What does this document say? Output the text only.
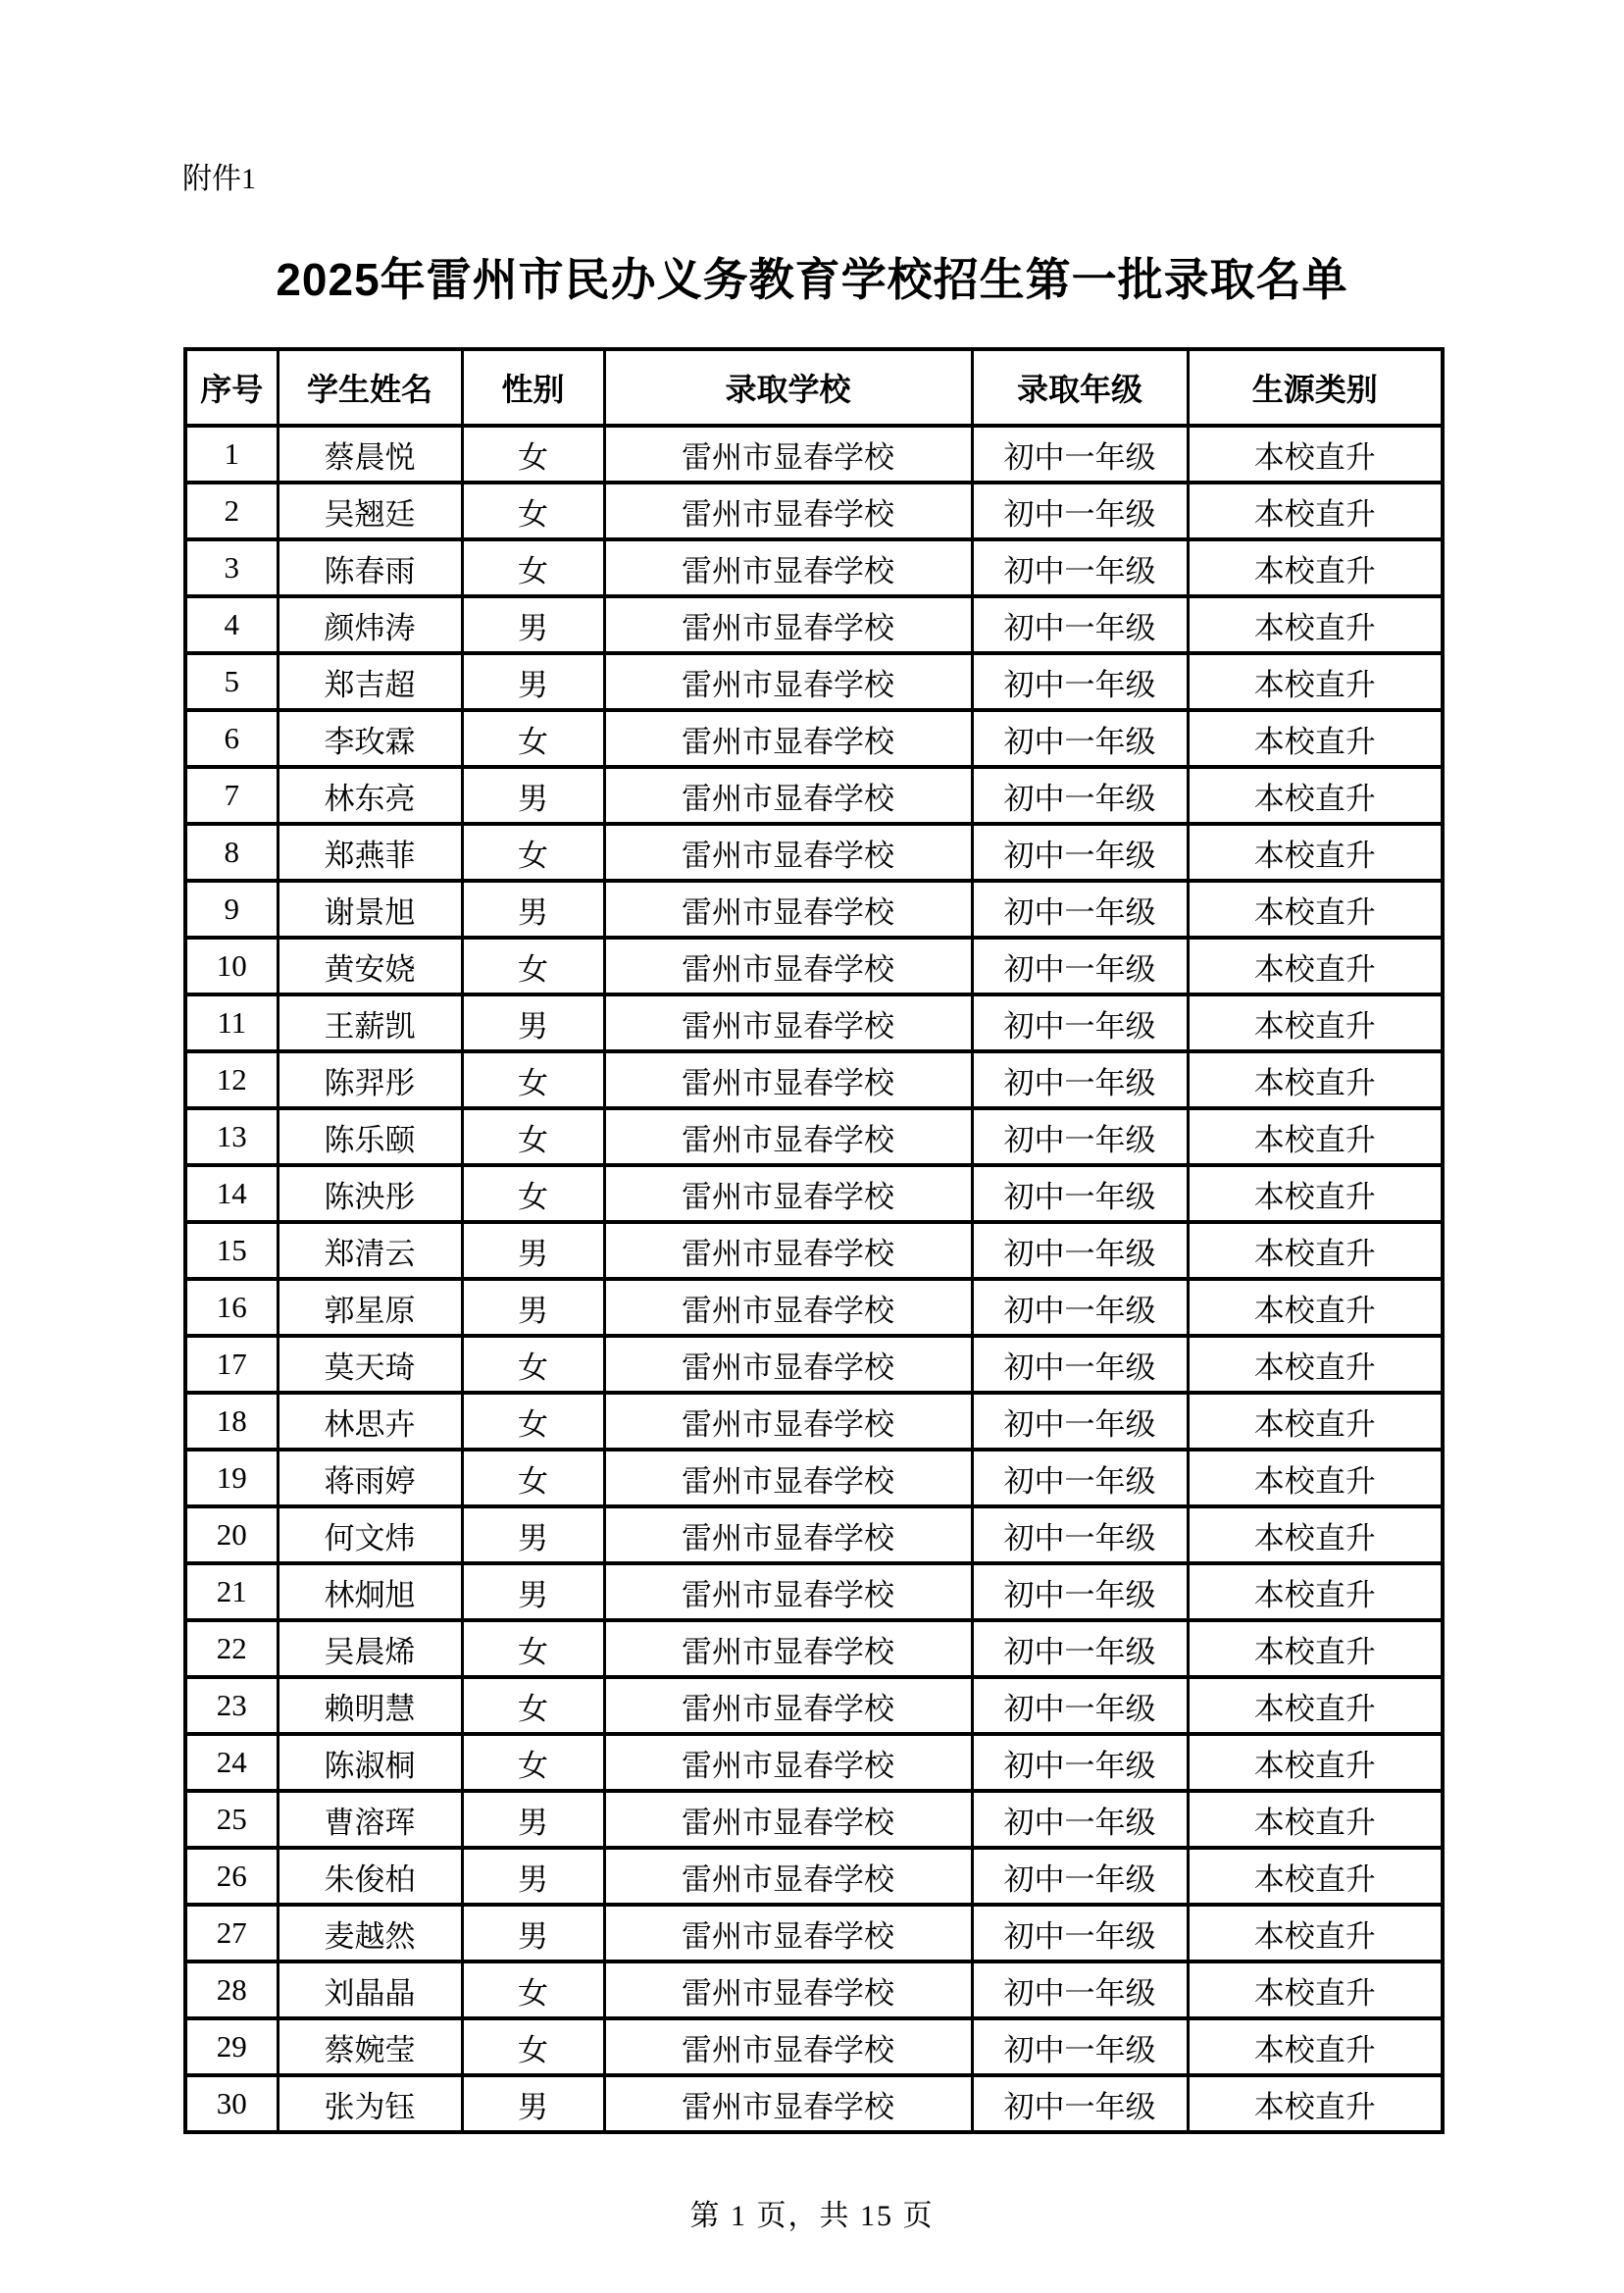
附件1
2025年雷州市民办义务教育学校招生第一批录取名单
序号	学生姓名	性别	录取学校	录取年级	生源类别
1	蔡晨悦	女	雷州市显春学校	初中一年级	本校直升
2	吴翘廷	女	雷州市显春学校	初中一年级	本校直升
3	陈春雨	女	雷州市显春学校	初中一年级	本校直升
4	颜炜涛	男	雷州市显春学校	初中一年级	本校直升
5	郑吉超	男	雷州市显春学校	初中一年级	本校直升
6	李玫霖	女	雷州市显春学校	初中一年级	本校直升
7	林东亮	男	雷州市显春学校	初中一年级	本校直升
8	郑燕菲	女	雷州市显春学校	初中一年级	本校直升
9	谢景旭	男	雷州市显春学校	初中一年级	本校直升
10	黄安娆	女	雷州市显春学校	初中一年级	本校直升
11	王薪凯	男	雷州市显春学校	初中一年级	本校直升
12	陈羿彤	女	雷州市显春学校	初中一年级	本校直升
13	陈乐颐	女	雷州市显春学校	初中一年级	本校直升
14	陈泱彤	女	雷州市显春学校	初中一年级	本校直升
15	郑清云	男	雷州市显春学校	初中一年级	本校直升
16	郭星原	男	雷州市显春学校	初中一年级	本校直升
17	莫天琦	女	雷州市显春学校	初中一年级	本校直升
18	林思卉	女	雷州市显春学校	初中一年级	本校直升
19	蒋雨婷	女	雷州市显春学校	初中一年级	本校直升
20	何文炜	男	雷州市显春学校	初中一年级	本校直升
21	林炯旭	男	雷州市显春学校	初中一年级	本校直升
22	吴晨烯	女	雷州市显春学校	初中一年级	本校直升
23	赖明慧	女	雷州市显春学校	初中一年级	本校直升
24	陈淑桐	女	雷州市显春学校	初中一年级	本校直升
25	曹溶珲	男	雷州市显春学校	初中一年级	本校直升
26	朱俊柏	男	雷州市显春学校	初中一年级	本校直升
27	麦越然	男	雷州市显春学校	初中一年级	本校直升
28	刘晶晶	女	雷州市显春学校	初中一年级	本校直升
29	蔡婉莹	女	雷州市显春学校	初中一年级	本校直升
30	张为钰	男	雷州市显春学校	初中一年级	本校直升
第 1 页，共 15 页
